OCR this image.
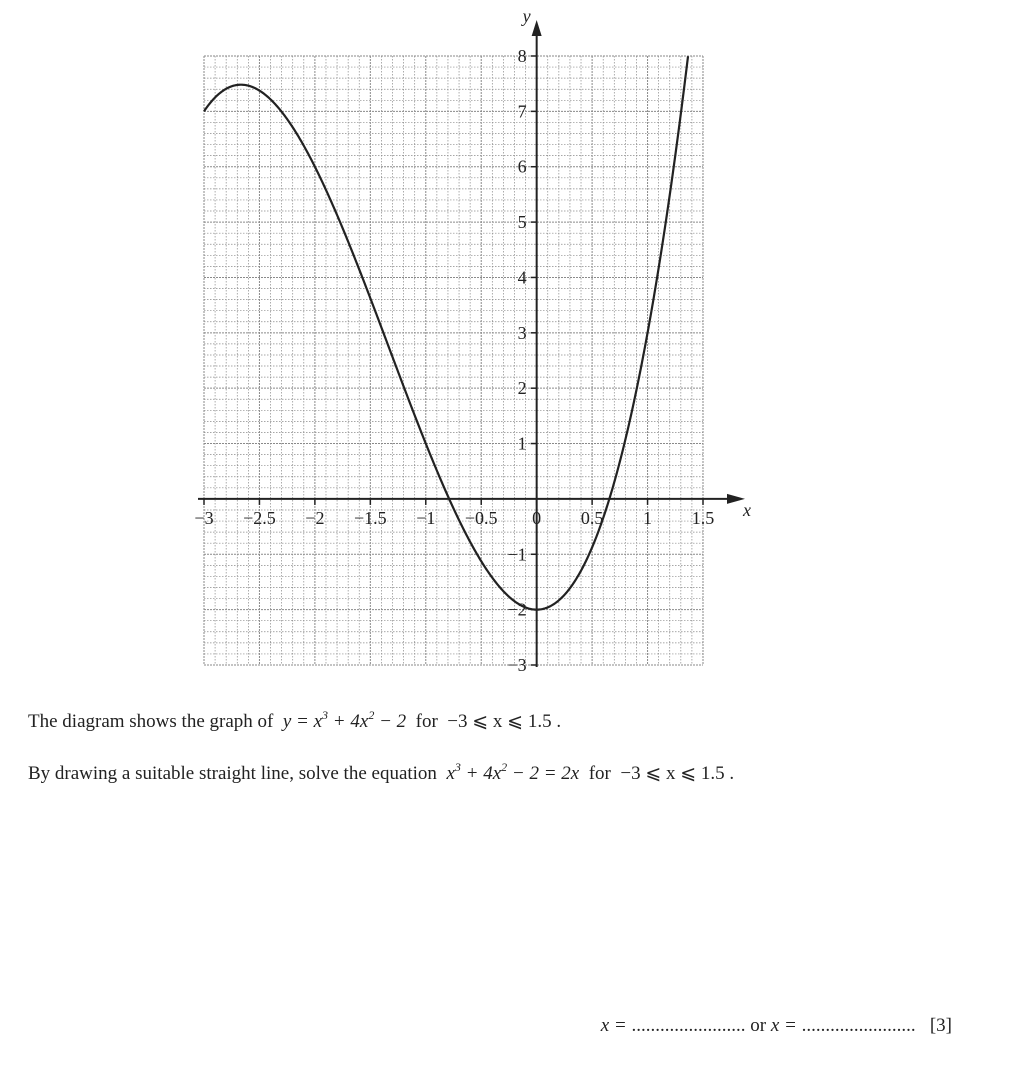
x
y
−3 −2.5 −2 −1.5 −1 −0.5 0 0.5 1 1.5
8
7
6
5
4
3
2
1
−1
−2
−3
The diagram shows the graph of $y = x^3 + 4x^2 - 2$ for −3 ⩽ x ⩽ 1.5 .
By drawing a suitable straight line, solve the equation $x^3 + 4x^2 - 2 = 2x$ for −3 ⩽ x ⩽ 1.5 .
x = ........................ or x = ........................ [3]
